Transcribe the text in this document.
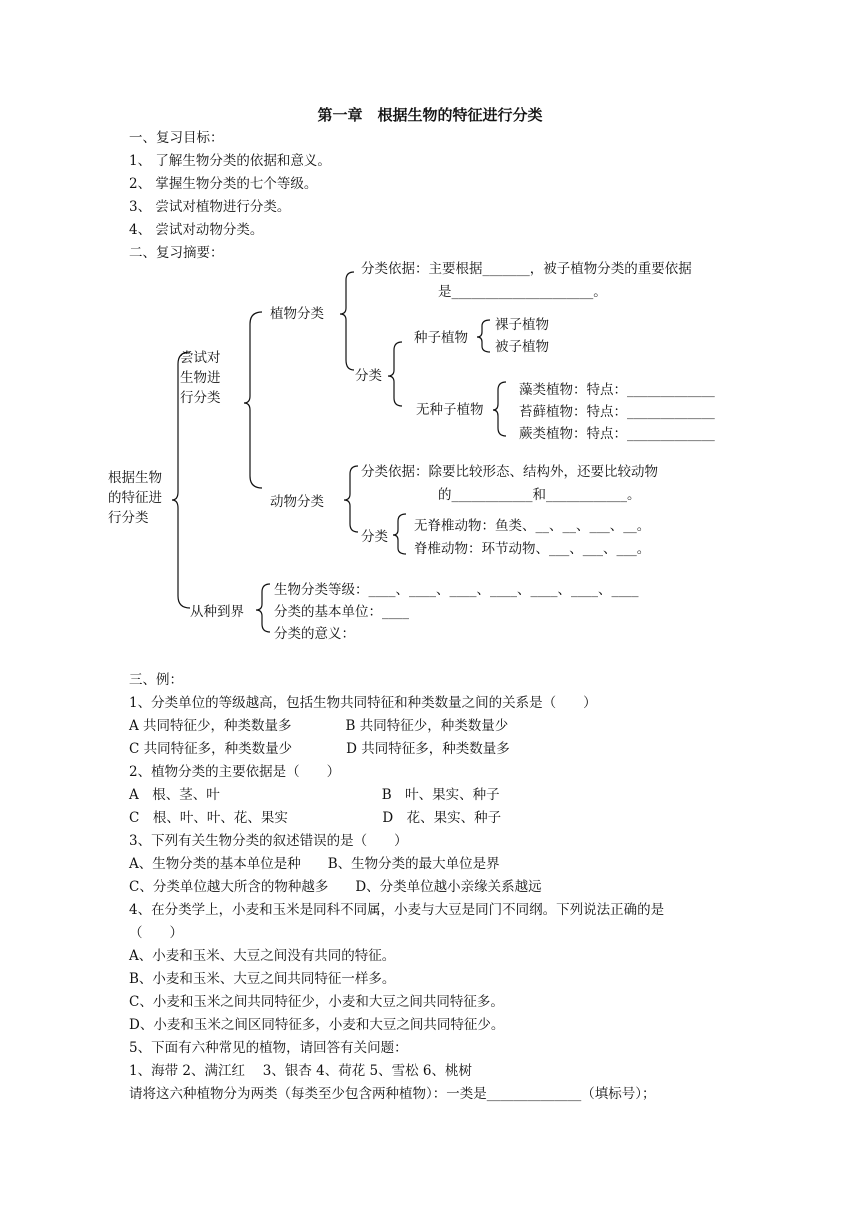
第一章　根据生物的特征进行分类
一、复习目标：
1、 了解生物分类的依据和意义。
2、 掌握生物分类的七个等级。
3、 尝试对植物进行分类。
4、 尝试对动物分类。
二、复习摘要：
根据生物
的特征进
行分类
尝试对
生物进
行分类
植物分类
分类依据：主要根据_______，被子植物分类的重要依据
是_____________________。
分类
种子植物
裸子植物
被子植物
无种子植物
藻类植物：特点：_____________
苔藓植物：特点：_____________
蕨类植物：特点：_____________
动物分类
分类依据：除要比较形态、结构外，还要比较动物
的____________和____________。
分类
无脊椎动物：鱼类、__、__、___、__。
脊椎动物：环节动物、___、___、___。
从种到界
生物分类等级：____、____、____、____、____、____、____
分类的基本单位：____
分类的意义：
三、例：
1、分类单位的等级越高，包括生物共同特征和种类数量之间的关系是（　　）
A 共同特征少，种类数量多　　　　B 共同特征少，种类数量少
C 共同特征多，种类数量少　　　　D 共同特征多，种类数量多
2、植物分类的主要依据是（　　）
A　根、茎、叶　　　　　　　　　　　　B　叶、果实、种子
C　根、叶、叶、花、果实　　　　　　　D　花、果实、种子
3、下列有关生物分类的叙述错误的是（　　）
A、生物分类的基本单位是种　　B、生物分类的最大单位是界
C、分类单位越大所含的物种越多　　D、分类单位越小亲缘关系越远
4、在分类学上，小麦和玉米是同科不同属，小麦与大豆是同门不同纲。下列说法正确的是
（　　）
A、小麦和玉米、大豆之间没有共同的特征。
B、小麦和玉米、大豆之间共同特征一样多。
C、小麦和玉米之间共同特征少，小麦和大豆之间共同特征多。
D、小麦和玉米之间区同特征多，小麦和大豆之间共同特征少。
5、下面有六种常见的植物，请回答有关问题：
1、海带 2、满江红　 3、银杏 4、荷花 5、雪松 6、桃树
请将这六种植物分为两类（每类至少包含两种植物）：一类是______________（填标号）；
